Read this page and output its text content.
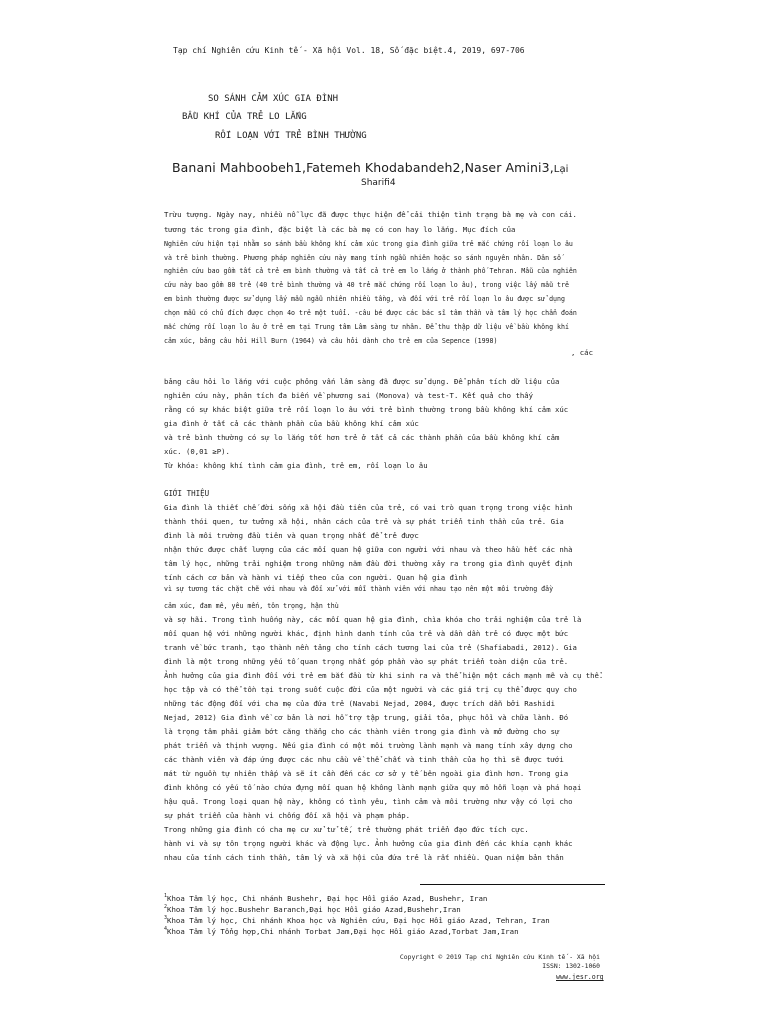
Tạp chí Nghiên cứu Kinh tế - Xã hội Vol. 18, Số đặc biệt.4, 2019, 697-706
SO SÁNH CẢM XÚC GIA ĐÌNH
BẦU KHÍ CỦA TRẺ LO LẮNG
RỐI LOẠN VỚI TRẺ BÌNH THƯỜNG
Banani Mahboobeh1,Fatemeh Khodabandeh2,Naser Amini3,Lại
Sharifi4
Trừu tượng. Ngày nay, nhiều nỗ lực đã được thực hiện để cải thiện tình trạng bà mẹ và con cái.
tương tác trong gia đình, đặc biệt là các bà mẹ có con hay lo lắng. Mục đích của
Nghiên cứu hiện tại nhằm so sánh bầu không khí cảm xúc trong gia đình giữa trẻ mắc chứng rối loạn lo âu
và trẻ bình thường. Phương pháp nghiên cứu này mang tính ngẫu nhiên hoặc so sánh nguyên nhân. Dân số
nghiên cứu bao gồm tất cả trẻ em bình thường và tất cả trẻ em lo lắng ở thành phố Tehran. Mẫu của nghiên
cứu này bao gồm 80 trẻ (40 trẻ bình thường và 40 trẻ mắc chứng rối loạn lo âu), trong việc lấy mẫu trẻ
em bình thường được sử dụng lấy mẫu ngẫu nhiên nhiều tầng, và đối với trẻ rối loạn lo âu được sử dụng
chọn mẫu có chủ đích được chọn 4o trẻ một tuổi. -câu bé được các bác sĩ tâm thần và tâm lý học chẩn đoán
mắc chứng rối loạn lo âu ở trẻ em tại Trung tâm Lâm sàng tư nhân. Để thu thập dữ liệu về bầu không khí
cảm xúc, bảng câu hỏi Hill Burn (1964) và câu hỏi dành cho trẻ em của Sepence (1998)
, các
bảng câu hỏi lo lắng với cuộc phỏng vấn lâm sàng đã được sử dụng. Để phân tích dữ liệu của
nghiên cứu này, phân tích đa biến về phương sai (Monova) và test-T. Kết quả cho thấy
rằng có sự khác biệt giữa trẻ rối loạn lo âu với trẻ bình thường trong bầu không khí cảm xúc
gia đình ở tất cả các thành phần của bầu không khí cảm xúc
và trẻ bình thường có sự lo lắng tốt hơn trẻ ở tất cả các thành phần của bầu không khí cảm
xúc. (0,01 ≥P).
Từ khóa: không khí tình cảm gia đình, trẻ em, rối loạn lo âu
GIỚI THIỆU
Gia đình là thiết chế đời sống xã hội đầu tiên của trẻ, có vai trò quan trọng trong việc hình
thành thói quen, tư tưởng xã hội, nhân cách của trẻ và sự phát triển tinh thần của trẻ. Gia
đình là môi trường đầu tiên và quan trọng nhất để trẻ được
nhận thức được chất lượng của các mối quan hệ giữa con người với nhau và theo hầu hết các nhà
tâm lý học, những trải nghiệm trong những năm đầu đời thường xảy ra trong gia đình quyết định
tính cách cơ bản và hành vi tiếp theo của con người. Quan hệ gia đình
vì sự tương tác chặt chẽ với nhau và đối xử với mỗi thành viên với nhau tạo nên một môi trường đầy
cảm xúc, đam mê, yêu mến, tôn trọng, hận thù
và sợ hãi. Trong tình huống này, các mối quan hệ gia đình, chìa khóa cho trải nghiệm của trẻ là
mối quan hệ với những người khác, định hình danh tính của trẻ và dần dần trẻ có được một bức
tranh về bức tranh, tạo thành nền tảng cho tính cách tương lai của trẻ (Shafiabadi, 2012). Gia
đình là một trong những yếu tố quan trọng nhất góp phần vào sự phát triển toàn diện của trẻ.
Ảnh hưởng của gia đình đối với trẻ em bắt đầu từ khi sinh ra và thể hiện một cách mạnh mẽ và cụ thể.
học tập và có thể tồn tại trong suốt cuộc đời của một người và các giá trị cụ thể được quy cho
những tác động đối với cha mẹ của đứa trẻ (Navabi Nejad, 2004, được trích dẫn bởi Rashidi
Nejad, 2012) Gia đình về cơ bản là nơi hỗ trợ tập trung, giải tỏa, phục hồi và chữa lành. Đó
là trọng tâm phải giảm bớt căng thẳng cho các thành viên trong gia đình và mở đường cho sự
phát triển và thịnh vượng. Nếu gia đình có một môi trường lành mạnh và mang tính xây dựng cho
các thành viên và đáp ứng được các nhu cầu về thể chất và tinh thần của họ thì sẽ được tưới
mát từ nguồn tự nhiên thấp và sẽ ít cần đến các cơ sở y tế bên ngoài gia đình hơn. Trong gia
đình không có yếu tố nào chứa đựng mối quan hệ không lành mạnh giữa quy mô hỗn loạn và phá hoại
hậu quả. Trong loại quan hệ này, không có tình yêu, tình cảm và môi trường như vậy có lợi cho
sự phát triển của hành vi chống đối xã hội và phạm pháp.
Trong những gia đình có cha mẹ cư xử tử tế, trẻ thường phát triển đạo đức tích cực.
hành vi và sự tôn trọng người khác và động lực. Ảnh hưởng của gia đình đến các khía cạnh khác
nhau của tính cách tinh thần, tâm lý và xã hội của đứa trẻ là rất nhiều. Quan niệm bản thân
$^1$Khoa Tâm lý học, Chi nhánh Bushehr, Đại học Hồi giáo Azad, Bushehr, Iran
$^2$Khoa Tâm lý học.Bushehr Baranch,Đại học Hồi giáo Azad,Bushehr,Iran
$^3$Khoa Tâm lý học, Chi nhánh Khoa học và Nghiên cứu, Đại học Hồi giáo Azad, Tehran, Iran
$^4$Khoa Tâm lý Tổng hợp,Chi nhánh Torbat Jam,Đại học Hồi giáo Azad,Torbat Jam,Iran
Copyright © 2019 Tạp chí Nghiên cứu Kinh tế - Xã hội
ISSN: 1302-1060
www.jesr.org
